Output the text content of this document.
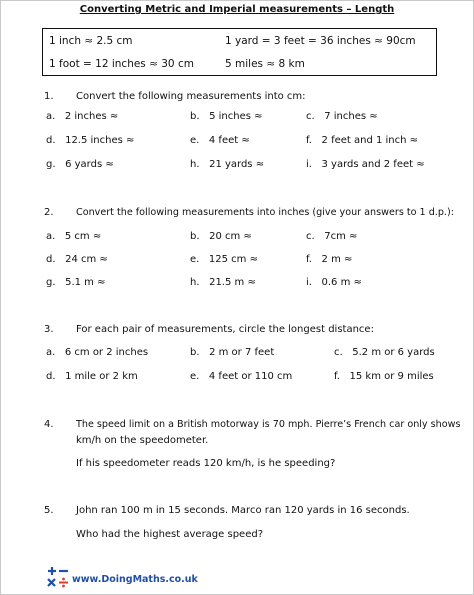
Converting Metric and Imperial measurements – Length
1 inch ≈ 2.5 cm	1 yard = 3 feet = 36 inches ≈ 90cm
1 foot = 12 inches ≈ 30 cm	5 miles ≈ 8 km
1. Convert the following measurements into cm:
a. 2 inches ≈	b. 5 inches ≈	c. 7 inches ≈
d. 12.5 inches ≈	e. 4 feet ≈	f. 2 feet and 1 inch ≈
g. 6 yards ≈	h. 21 yards ≈	i. 3 yards and 2 feet ≈
2. Convert the following measurements into inches (give your answers to 1 d.p.):
a. 5 cm ≈	b. 20 cm ≈	c. 7cm ≈
d. 24 cm ≈	e. 125 cm ≈	f. 2 m ≈
g. 5.1 m ≈	h. 21.5 m ≈	i. 0.6 m ≈
3. For each pair of measurements, circle the longest distance:
a. 6 cm or 2 inches	b. 2 m or 7 feet	c. 5.2 m or 6 yards
d. 1 mile or 2 km	e. 4 feet or 110 cm	f. 15 km or 9 miles
4. The speed limit on a British motorway is 70 mph. Pierre’s French car only shows
km/h on the speedometer.
If his speedometer reads 120 km/h, is he speeding?
5. John ran 100 m in 15 seconds. Marco ran 120 yards in 16 seconds.
Who had the highest average speed?
www.DoingMaths.co.uk
